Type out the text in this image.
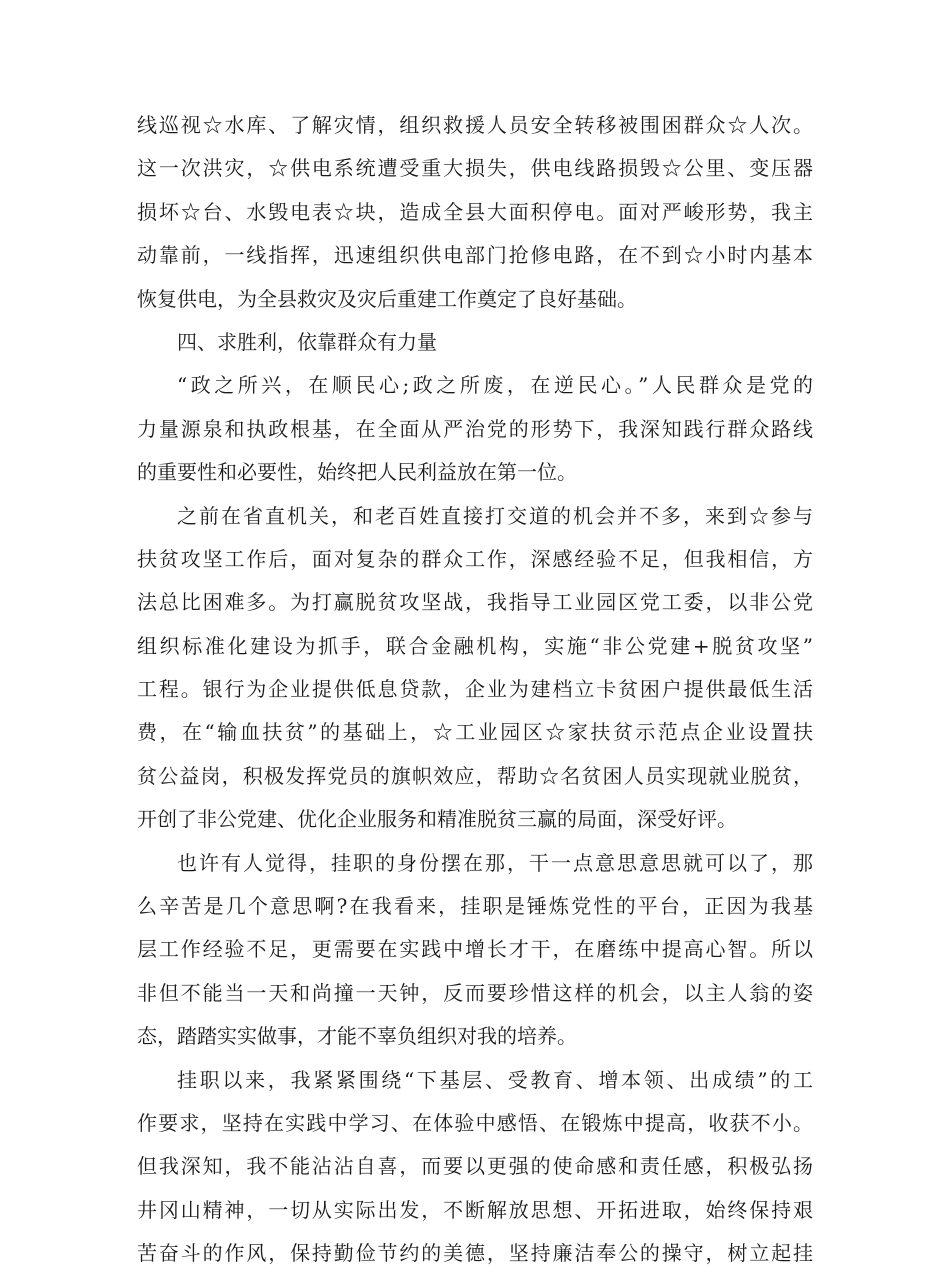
线巡视☆水库、了解灾情，组织救援人员安全转移被围困群众☆人次。
这一次洪灾，☆供电系统遭受重大损失，供电线路损毁☆公里、变压器
损坏☆台、水毁电表☆块，造成全县大面积停电。面对严峻形势，我主
动靠前，一线指挥，迅速组织供电部门抢修电路，在不到☆小时内基本
恢复供电，为全县救灾及灾后重建工作奠定了良好基础。
四、求胜利，依靠群众有力量
“政之所兴，在顺民心;政之所废，在逆民心。”人民群众是党的
力量源泉和执政根基，在全面从严治党的形势下，我深知践行群众路线
的重要性和必要性，始终把人民利益放在第一位。
之前在省直机关，和老百姓直接打交道的机会并不多，来到☆参与
扶贫攻坚工作后，面对复杂的群众工作，深感经验不足，但我相信，方
法总比困难多。为打赢脱贫攻坚战，我指导工业园区党工委，以非公党
组织标准化建设为抓手，联合金融机构，实施“非公党建+脱贫攻坚”
工程。银行为企业提供低息贷款，企业为建档立卡贫困户提供最低生活
费，在“输血扶贫”的基础上，☆工业园区☆家扶贫示范点企业设置扶
贫公益岗，积极发挥党员的旗帜效应，帮助☆名贫困人员实现就业脱贫，
开创了非公党建、优化企业服务和精准脱贫三赢的局面，深受好评。
也许有人觉得，挂职的身份摆在那，干一点意思意思就可以了，那
么辛苦是几个意思啊?在我看来，挂职是锤炼党性的平台，正因为我基
层工作经验不足，更需要在实践中增长才干，在磨练中提高心智。所以
非但不能当一天和尚撞一天钟，反而要珍惜这样的机会，以主人翁的姿
态，踏踏实实做事，才能不辜负组织对我的培养。
挂职以来，我紧紧围绕“下基层、受教育、增本领、出成绩”的工
作要求，坚持在实践中学习、在体验中感悟、在锻炼中提高，收获不小。
但我深知，我不能沾沾自喜，而要以更强的使命感和责任感，积极弘扬
井冈山精神，一切从实际出发，不断解放思想、开拓进取，始终保持艰
苦奋斗的作风，保持勤俭节约的美德，坚持廉洁奉公的操守，树立起挂
